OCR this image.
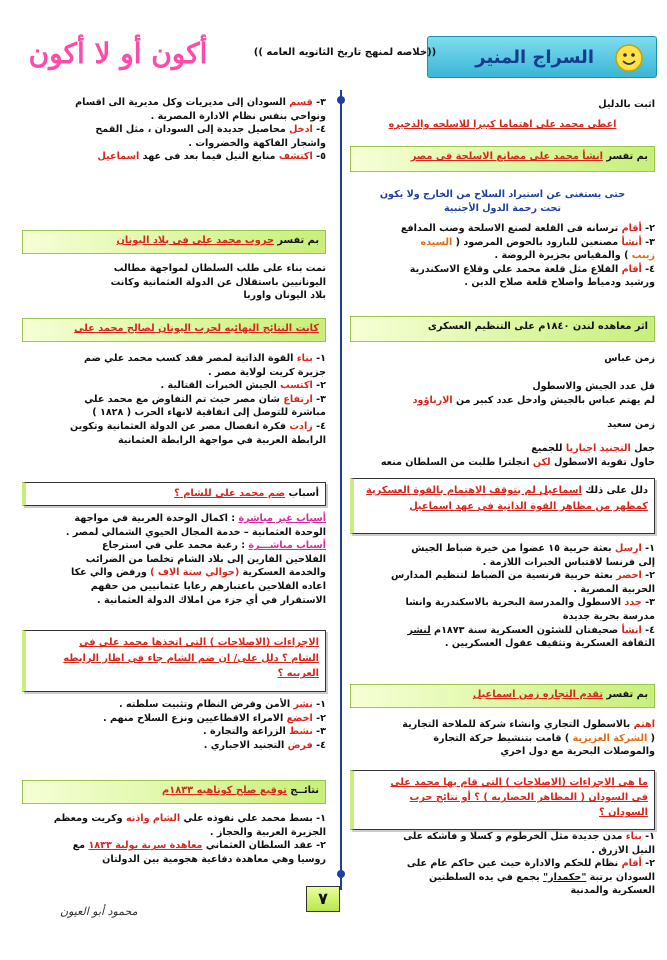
السراج المنير
((خلاصه لمنهج تاريخ الثانويه العامه ))
أكون أو لا أكون
اثبت بالدليل
اعطى محمد على اهتماما كبيرا للاسلحه والذخيره
بم تفسر انشأ محمد على مصانع الاسلحة فى مصر
حتى يستغنى عن استيراد السلاح من الخارج ولا يكون
تحت رحمة الدول الأجنبية
٢- أقام ترسانه فى القلعة لصنع الاسلحة وصب المدافع
٣- أنشأ مصنعين للبارود بالحوض المرصود ( السيده
زينب ) والمقياس بجزيرة الروضة .
٤- أقام القلاع مثل قلعة محمد علي وقلاع الاسكندرية
ورشيد ودمياط واصلاح قلعة صلاح الدين .
اثر معاهده لندن ١٨٤٠م على التنظيم العسكرى
زمن عباس
قل عدد الجيش والاسطول
لم يهتم عباس بالجيش وادخل عدد كبير من الارناؤود
زمن سعيد
جعل التجنيد اجباريا للجميع
حاول تقوية الاسطول لكن انجلترا طلبت من السلطان منعه
دلل على ذلك اسماعيل لم يتوقف الاهتمام بالقوة العسكرية كمظهر من مظاهر القوة الذاتية في عهد اسماعيل
١- ارسل بعثة حربية ١٥ عضوا من خيرة ضباط الجيش
إلى فرنسا لاقتباس الخبرات اللازمة .
٢- احضر بعثة حربية فرنسية من الضباط لتنظيم المدارس
الحربية المصرية .
٣- جدد الاسطول والمدرسة البحرية بالاسكندرية وانشا
مدرسة بحرية جديدة
٤- انشأ صحيفتان للشئون العسكرية سنة ١٨٧٣م لنشر
الثقافة العسكرية وتثقيف عقول العسكريين .
بم تفسر تقدم التجاره زمن اسماعيل
اهتم بالاسطول التجاري وانشاء شركة للملاحة التجارية
( الشركة العزيزية ) قامت بتنشيط حركة التجارة
والموصلات البحرية مع دول اخري
ما هى الاجراءات (الاصلاحات ) التى قام بها محمد على
فى السودان ( المظاهر الحضاريه ) ؟ أو نتائج حرب
السودان ؟
١- بناء مدن جديدة مثل الخرطوم و كسلا و فاشكه على
النيل الازرق .
٢- أقام نظام للحكم والادارة حيث عين حاكم عام على
السودان برتبة "حكمدار" يجمع في يده السلطتين
العسكرية والمدنية
٣- قسم السودان إلى مديريات وكل مديرية الى اقسام
ونواحي بنفس نظام الادارة المصرية .
٤- ادخل محاصيل جديدة إلى السودان ، مثل القمح
واشجار الفاكهة والخضروات .
٥- اكتشف منابع النيل فيما بعد فى عهد اسماعيل
بم تفسر حروب محمد على فى بلاد اليونان
تمت بناء على طلب السلطان لمواجهة مطالب
اليونانيين باستقلال عن الدولة العثمانية وكانت
بلاد اليونان واوربا
كانت النتائج النهائيه لحرب اليونان لصالح محمد على
١- بناء القوة الذاتية لمصر فقد كسب محمد علي ضم
جزيرة كريت لولاية مصر .
٢- اكتسب الجيش الخبرات القتالية .
٣- ارتفاع شان مصر حيث تم التفاوض مع محمد علي
مباشرة للتوصل إلى اتفاقية لانهاء الحرب ( ١٨٢٨ )
٤- زادت فكرة انفصال مصر عن الدولة العثمانية وتكوين
الرابطة العربية في مواجهة الرابطة العثمانية
أسباب ضم محمد علي للشام ؟
أسباب غير مباشرة : اكمال الوحدة العربية في مواجهة
الوحدة العثمانية – خدمة المجال الحيوي الشمالي لمصر .
أسباب مباشـــرة : رغبة محمد علي في استرجاع
الفلاحين الفارين إلى بلاد الشام تخلصا من الضرائب
والخدمة العسكرية (حوالي ستة الاف ) ورفض والي عكا
اعاده الفلاحين باعتبارهم رعايا عثمانيين من حقهم
الاستقرار في أي جزء من املاك الدولة العثمانية .
الاجراءات (الاصلاحات ) التى اتخذها محمد علي في
الشام ؟ دلل على/ ان ضم الشام جاء في اطار الرابطه
العربيه ؟
١- نشر الأمن وفرض النظام وتثبيت سلطته .
٢- اخضع الامراء الاقطاعيين ونزع السلاح منهم .
٣- نشط الزراعة والتجارة .
٤- فرض التجنيد الاجباري .
نتائــج توقيع صلح كوتاهيه ١٨٣٣م
١- بسط محمد علي نفوذه علي الشام واذنه وكريت ومعظم
الجزيرة العربية والحجاز .
٢- عقد السلطان العثماني معاهدة سرية يولية ١٨٣٣ مع
روسيا وهي معاهدة دفاعية هجومية بين الدولتان
٧
محمود أبو العيون
